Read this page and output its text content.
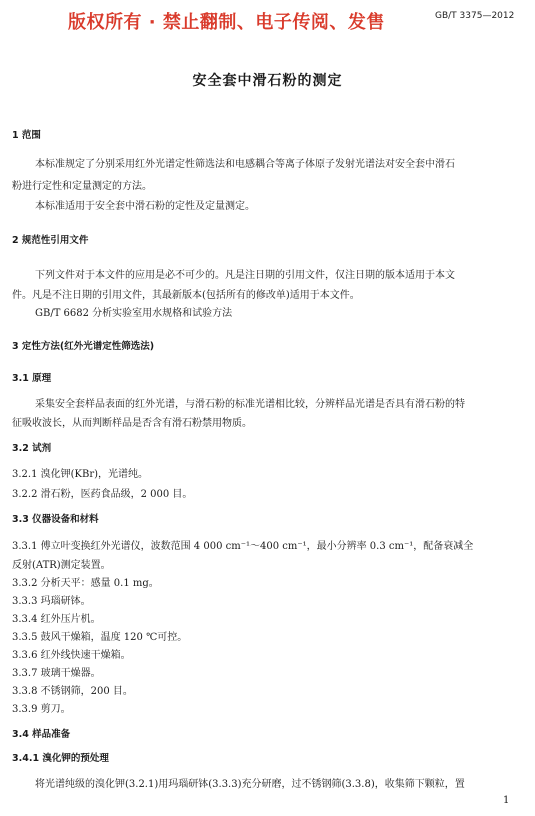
版权所有 · 禁止翻制、电子传阅、发售	GB/T 3375—2012
安全套中滑石粉的测定
1 范围
本标准规定了分别采用红外光谱定性筛选法和电感耦合等离子体原子发射光谱法对安全套中滑石
粉进行定性和定量测定的方法。
本标准适用于安全套中滑石粉的定性及定量测定。
2 规范性引用文件
下列文件对于本文件的应用是必不可少的。凡是注日期的引用文件，仅注日期的版本适用于本文
件。凡是不注日期的引用文件，其最新版本(包括所有的修改单)适用于本文件。
GB/T 6682 分析实验室用水规格和试验方法
3 定性方法(红外光谱定性筛选法)
3.1 原理
采集安全套样品表面的红外光谱，与滑石粉的标准光谱相比较，分辨样品光谱是否具有滑石粉的特
征吸收波长，从而判断样品是否含有滑石粉禁用物质。
3.2 试剂
3.2.1 溴化钾(KBr)，光谱纯。
3.2.2 滑石粉，医药食品级，2 000 目。
3.3 仪器设备和材料
3.3.1 傅立叶变换红外光谱仪，波数范围 4 000 cm⁻¹～400 cm⁻¹，最小分辨率 0.3 cm⁻¹，配备衰减全
反射(ATR)测定装置。
3.3.2 分析天平：感量 0.1 mg。
3.3.3 玛瑙研钵。
3.3.4 红外压片机。
3.3.5 鼓风干燥箱，温度 120 ℃可控。
3.3.6 红外线快速干燥箱。
3.3.7 玻璃干燥器。
3.3.8 不锈钢筛，200 目。
3.3.9 剪刀。
3.4 样品准备
3.4.1 溴化钾的预处理
将光谱纯级的溴化钾(3.2.1)用玛瑙研钵(3.3.3)充分研磨，过不锈钢筛(3.3.8)，收集筛下颗粒，置
1
